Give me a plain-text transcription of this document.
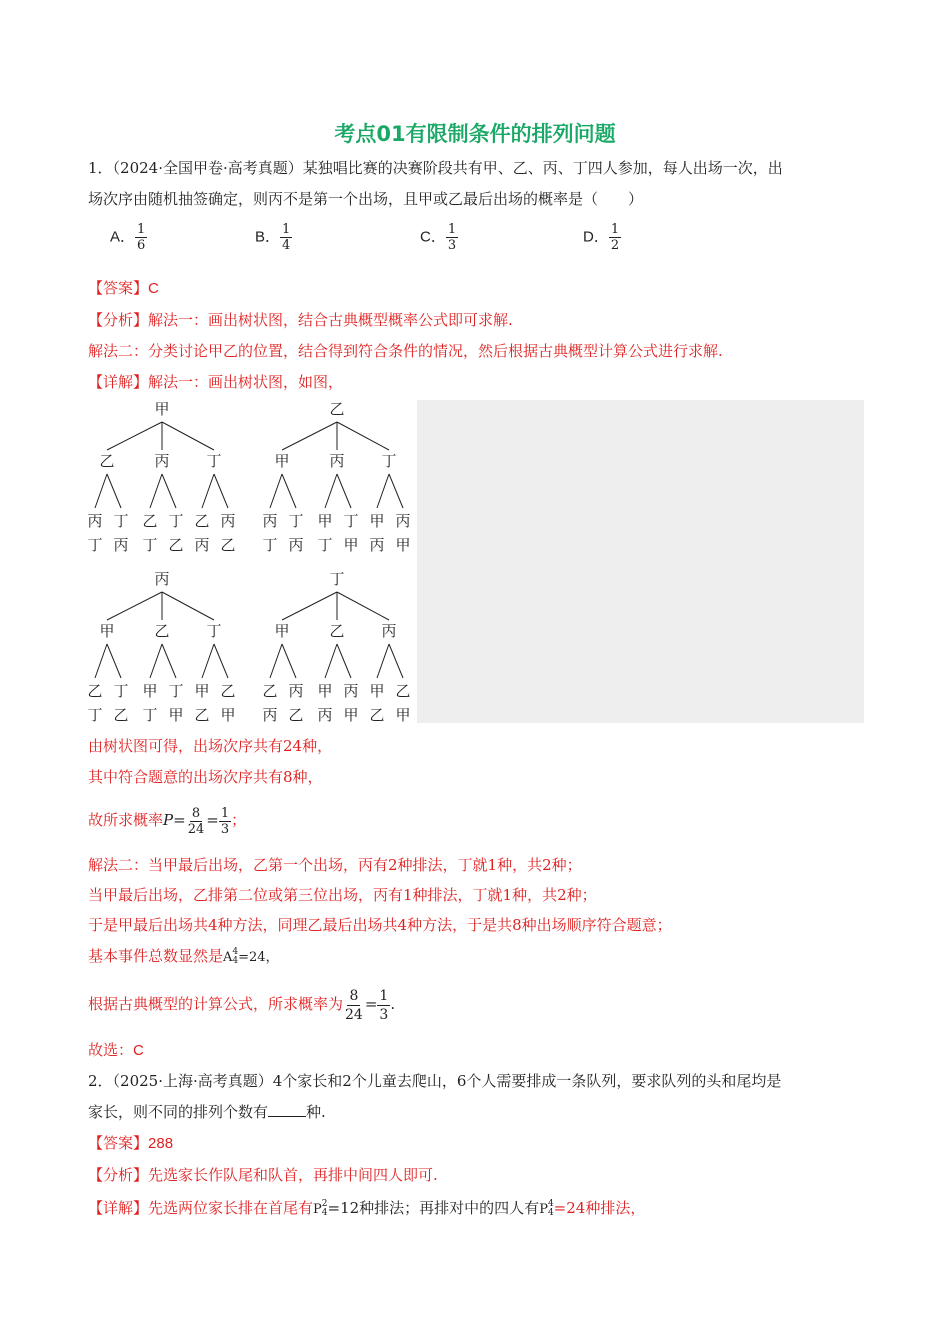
考点01有限制条件的排列问题
1．（2024·全国甲卷·高考真题）某独唱比赛的决赛阶段共有甲、乙、丙、丁四人参加，每人出场一次，出
场次序由随机抽签确定，则丙不是第一个出场，且甲或乙最后出场的概率是（　　）
A． $\frac{1}{6}$	B． $\frac{1}{4}$	C． $\frac{1}{3}$	D． $\frac{1}{2}$
【答案】C
【分析】解法一：画出树状图，结合古典概型概率公式即可求解.
解法二：分类讨论甲乙的位置，结合得到符合条件的情况，然后根据古典概型计算公式进行求解.
【详解】解法一：画出树状图，如图，
甲
乙
丙
丁
丁
丙
丙
乙
丁
丁
乙
丁
乙
丙
丙
乙
乙
甲
丙
丁
丁
丙
丙
甲
丁
丁
甲
丁
甲
丙
丙
甲
丙
甲
乙
丁
丁
乙
乙
甲
丁
丁
甲
丁
甲
乙
乙
甲
丁
甲
乙
丙
丙
乙
乙
甲
丙
丙
甲
丙
甲
乙
乙
甲
由树状图可得，出场次序共有24种，
其中符合题意的出场次序共有8种，
故所求概率$P= \frac{8}{24} = \frac{1}{3}$ ；
解法二：当甲最后出场，乙第一个出场，丙有2种排法，丁就1种，共2种；
当甲最后出场，乙排第二位或第三位出场，丙有1种排法，丁就1种，共2种；
于是甲最后出场共4种方法，同理乙最后出场共4种方法，于是共8种出场顺序符合题意；
基本事件总数显然是A 4
4 =24，
根据古典概型的计算公式，所求概率为 $\frac{8}{24} = \frac{1}{3}$ .
故选：C
2．（2025·上海·高考真题）4个家长和2个儿童去爬山，6个人需要排成一条队列，要求队列的头和尾均是
家长，则不同的排列个数有	种.
【答案】288
【分析】先选家长作队尾和队首，再排中间四人即可.
【详解】先选两位家长排在首尾有P 2
4 =12种排法；再排对中的四人有P 4
4 =24种排法，
